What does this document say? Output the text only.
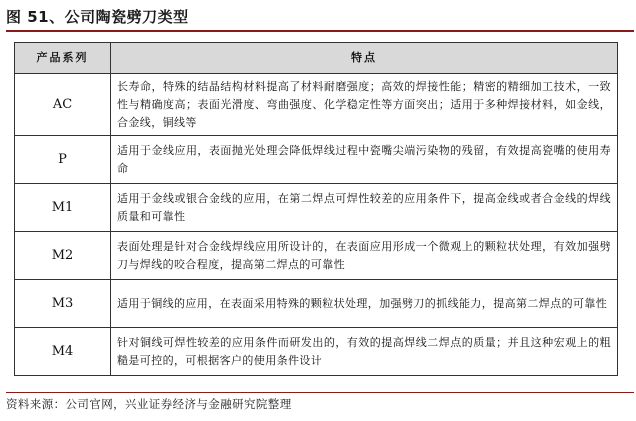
图 51、公司陶瓷劈刀类型
产品系列	特点
AC	长寿命，特殊的结晶结构材料提高了材料耐磨强度；高效的焊接性能；精密的精细加工技术，一致性与精确度高；表面光滑度、弯曲强度、化学稳定性等方面突出；适用于多种焊接材料，如金线，合金线，铜线等
P	适用于金线应用，表面抛光处理会降低焊线过程中瓷嘴尖端污染物的残留，有效提高瓷嘴的使用寿命
M1	适用于金线或银合金线的应用，在第二焊点可焊性较差的应用条件下，提高金线或者合金线的焊线质量和可靠性
M2	表面处理是针对合金线焊线应用所设计的，在表面应用形成一个微观上的颗粒状处理，有效加强劈刀与焊线的咬合程度，提高第二焊点的可靠性
M3	适用于铜线的应用，在表面采用特殊的颗粒状处理，加强劈刀的抓线能力，提高第二焊点的可靠性
M4	针对铜线可焊性较差的应用条件而研发出的，有效的提高焊线二焊点的质量；并且这种宏观上的粗糙是可控的，可根据客户的使用条件设计
资料来源：公司官网，兴业证券经济与金融研究院整理
